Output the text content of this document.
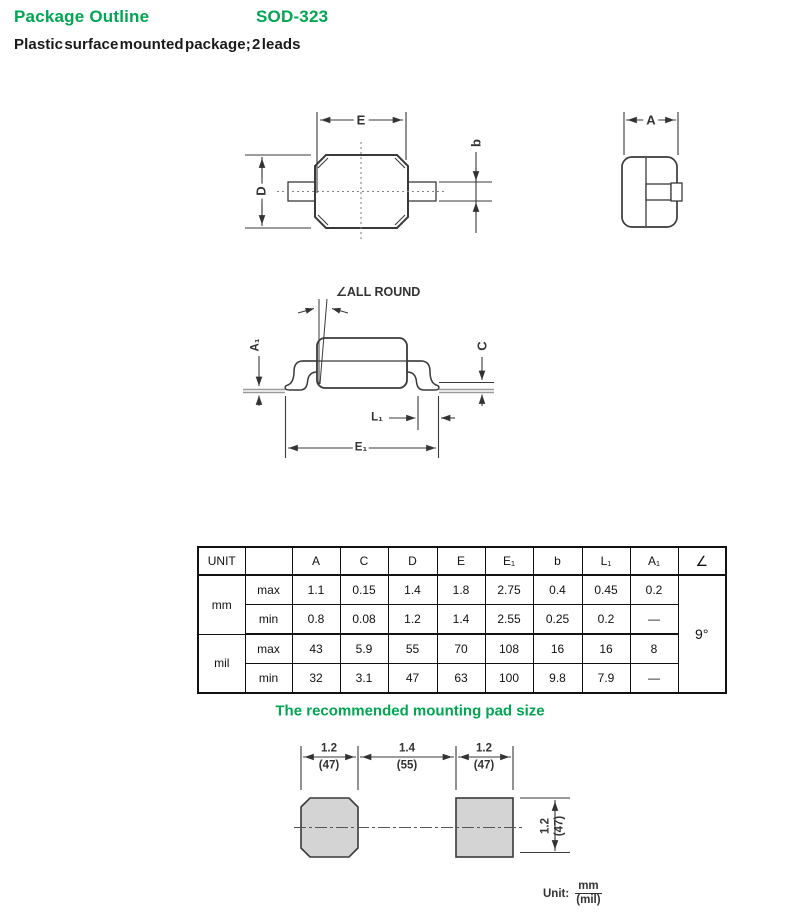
Package Outline	SOD-323
Plastic surface mounted package; 2 leads
E
D
b
A
∠ALL ROUND
A₁	C
L₁
E₁
UNIT		A	C	D	E	E₁	b	L₁	A₁	∠
mm	max	1.1	0.15	1.4	1.8	2.75	0.4	0.45	0.2	9°
	min	0.8	0.08	1.2	1.4	2.55	0.25	0.2	—	
mil	max	43	5.9	55	70	108	16	16	8	
	min	32	3.1	47	63	100	9.8	7.9	—	
The recommended mounting pad size
1.2	1.4	1.2
(47)	(55)	(47)
1.2 (47)
Unit: $\frac{mm}{\text{(mil)}}$
